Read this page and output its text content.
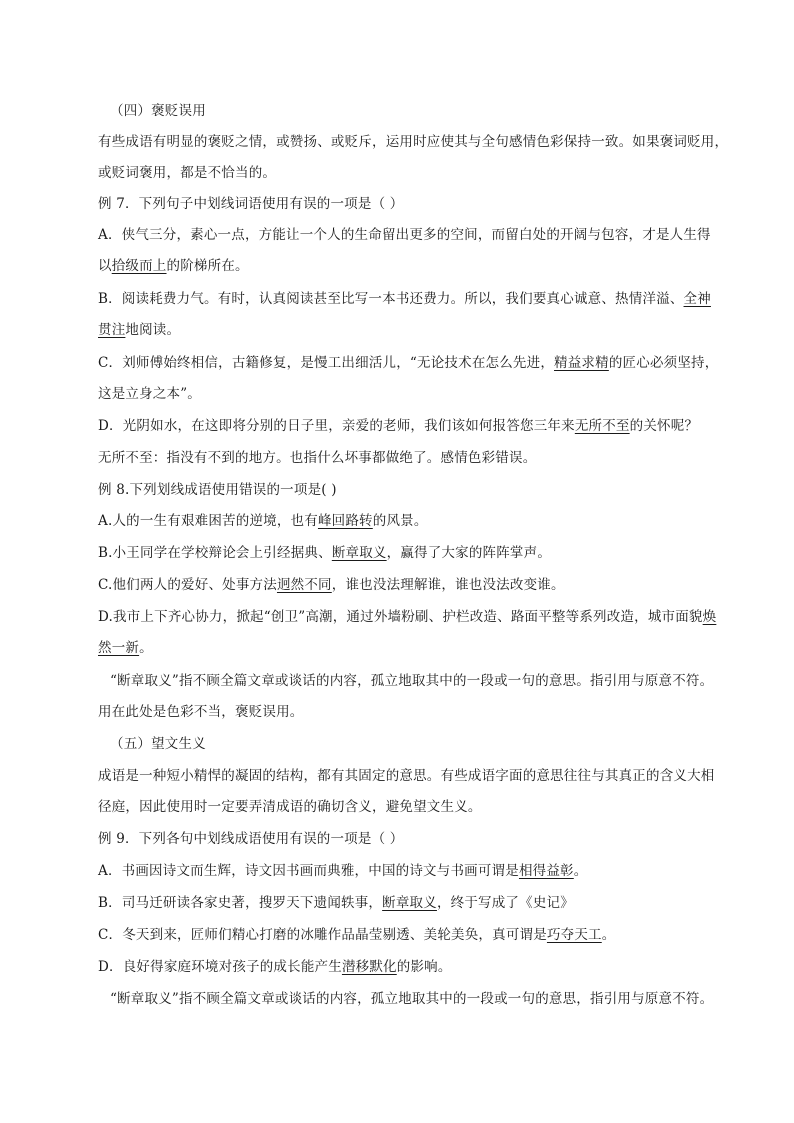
（四）褒贬误用
有些成语有明显的褒贬之情，或赞扬、或贬斥，运用时应使其与全句感情色彩保持一致。如果褒词贬用，
或贬词褒用，都是不恰当的。
例 7．下列句子中划线词语使用有误的一项是（ ）
A．侠气三分，素心一点，方能让一个人的生命留出更多的空间，而留白处的开阔与包容，才是人生得
以拾级而上的阶梯所在。
B．阅读耗费力气。有时，认真阅读甚至比写一本书还费力。所以，我们要真心诚意、热情洋溢、全神
贯注地阅读。
C．刘师傅始终相信，古籍修复，是慢工出细活儿，“无论技术在怎么先进，精益求精的匠心必须坚持，
这是立身之本”。
D．光阴如水，在这即将分别的日子里，亲爱的老师，我们该如何报答您三年来无所不至的关怀呢？
无所不至：指没有不到的地方。也指什么坏事都做绝了。感情色彩错误。
例 8.下列划线成语使用错误的一项是( )
A.人的一生有艰难困苦的逆境，也有峰回路转的风景。
B.小王同学在学校辩论会上引经据典、断章取义，赢得了大家的阵阵掌声。
C.他们两人的爱好、处事方法迥然不同，谁也没法理解谁，谁也没法改变谁。
D.我市上下齐心协力，掀起“创卫”高潮，通过外墙粉刷、护栏改造、路面平整等系列改造，城市面貌焕
然一新。
“断章取义”指不顾全篇文章或谈话的内容，孤立地取其中的一段或一句的意思。指引用与原意不符。
用在此处是色彩不当，褒贬误用。
（五）望文生义
成语是一种短小精悍的凝固的结构，都有其固定的意思。有些成语字面的意思往往与其真正的含义大相
径庭，因此使用时一定要弄清成语的确切含义，避免望文生义。
例 9．下列各句中划线成语使用有误的一项是（ ）
A．书画因诗文而生辉，诗文因书画而典雅，中国的诗文与书画可谓是相得益彰。
B．司马迁研读各家史著，搜罗天下遗闻轶事，断章取义，终于写成了《史记》
C．冬天到来，匠师们精心打磨的冰雕作品晶莹剔透、美轮美奂，真可谓是巧夺天工。
D．良好得家庭环境对孩子的成长能产生潜移默化的影响。
“断章取义”指不顾全篇文章或谈话的内容，孤立地取其中的一段或一句的意思，指引用与原意不符。
